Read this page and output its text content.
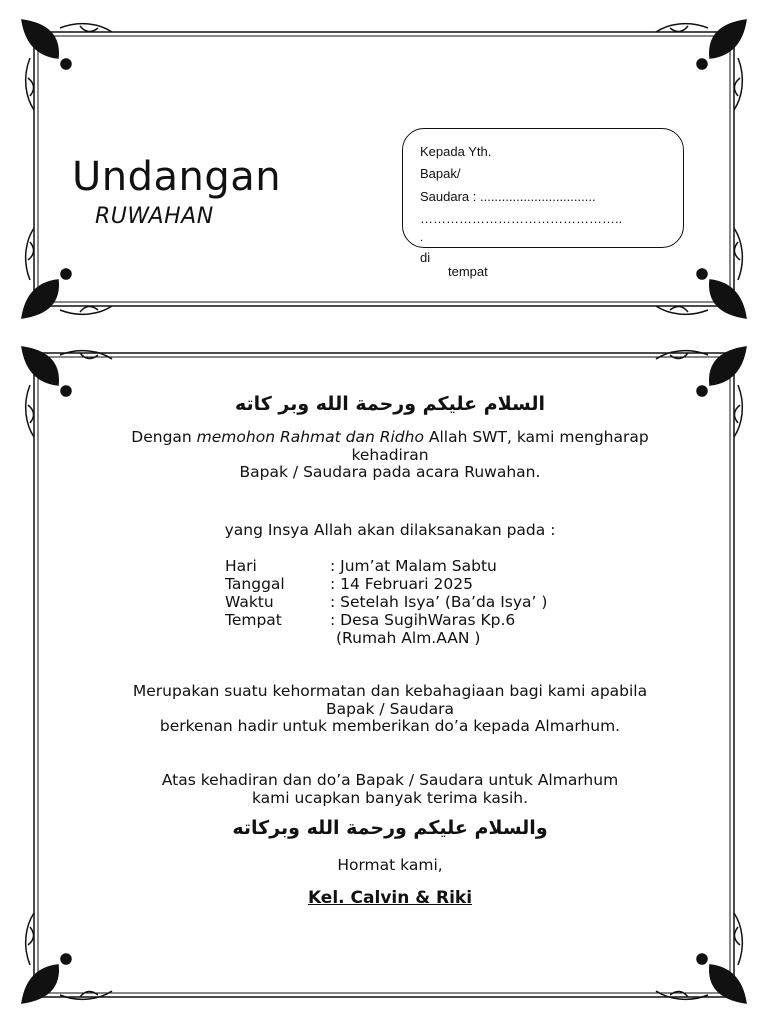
Undangan
RUWAHAN
Kepada Yth.
Bapak/
Saudara : ................................
………………………………………..
.
di
tempat
السلام عليكم ورحمة الله وبر كاته
Dengan memohon Rahmat dan Ridho Allah SWT, kami mengharap
kehadiran
Bapak / Saudara pada acara Ruwahan.
yang Insya Allah akan dilaksanakan pada :
Hari	: Jum’at Malam Sabtu
Tanggal	: 14 Februari 2025
Waktu	: Setelah Isya’ (Ba’da Isya’ )
Tempat	: Desa SugihWaras Kp.6
(Rumah Alm.AAN )
Merupakan suatu kehormatan dan kebahagiaan bagi kami apabila
Bapak / Saudara
berkenan hadir untuk memberikan do’a kepada Almarhum.
Atas kehadiran dan do’a Bapak / Saudara untuk Almarhum
kami ucapkan banyak terima kasih.
والسلام عليكم ورحمة الله وبركاته
Hormat kami,
Kel. Calvin & Riki
